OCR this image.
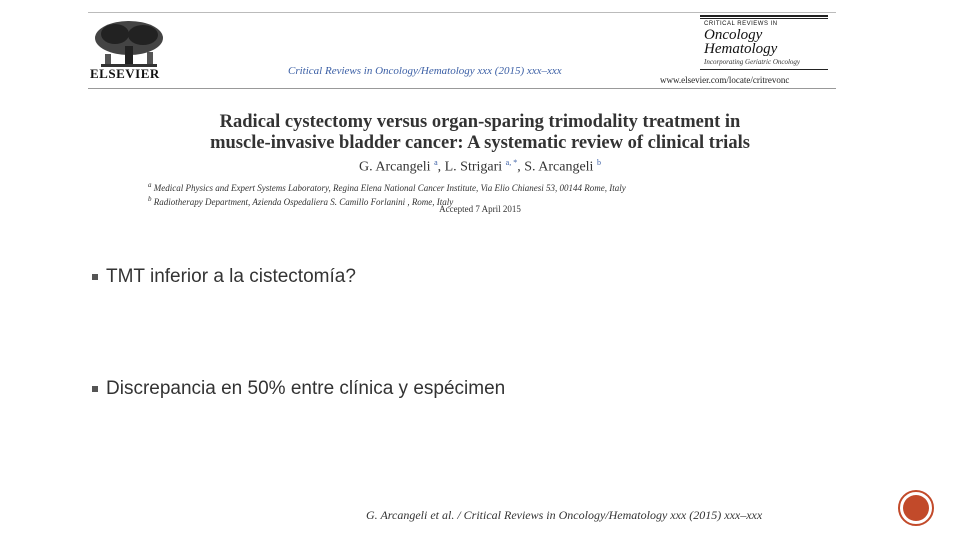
ELSEVIER	Critical Reviews in Oncology/Hematology xxx (2015) xxx–xxx
CRITICAL REVIEWS IN
Oncology
Hematology
Incorporating Geriatric Oncology
www.elsevier.com/locate/critrevonc

Radical cystectomy versus organ-sparing trimodality treatment in
muscle-invasive bladder cancer: A systematic review of clinical trials

G. Arcangeli $^a$, L. Strigari $^{a, *}$, S. Arcangeli $^b$
$^a$ Medical Physics and Expert Systems Laboratory, Regina Elena National Cancer Institute, Via Elio Chianesi 53, 00144 Rome, Italy
$^b$ Radiotherapy Department, Azienda Ospedaliera S. Camillo Forlanini , Rome, Italy
Accepted 7 April 2015
TMT inferior a la cistectomía?
Discrepancia en 50% entre clínica y espécimen
G. Arcangeli et al. / Critical Reviews in Oncology/Hematology xxx (2015) xxx–xxx
